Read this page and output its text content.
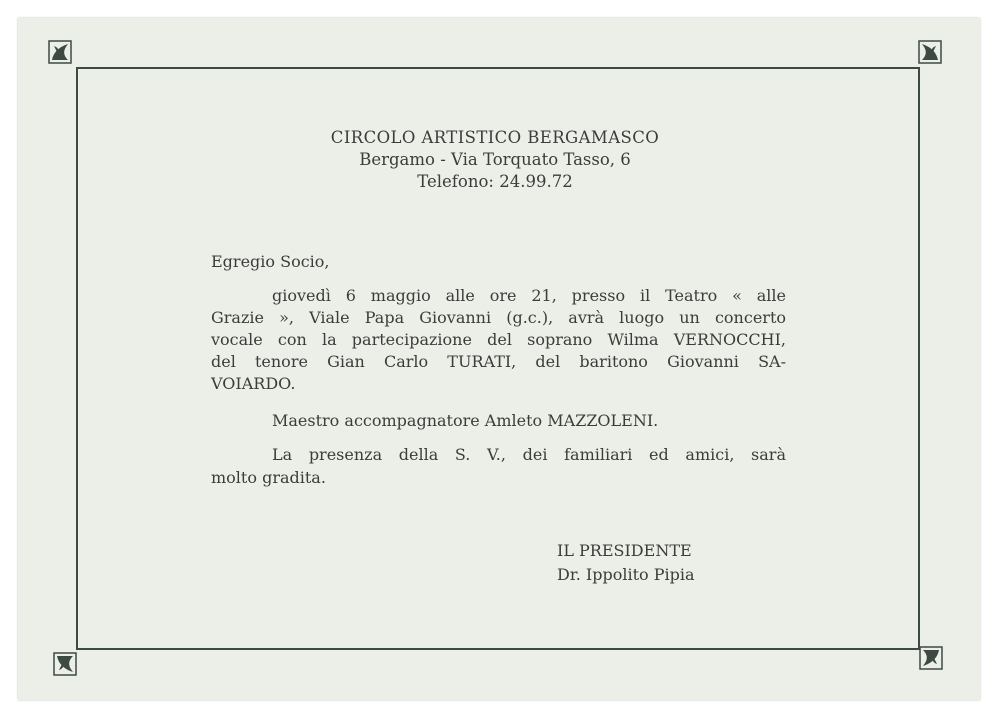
CIRCOLO ARTISTICO BERGAMASCO
Bergamo - Via Torquato Tasso, 6
Telefono: 24.99.72
Egregio Socio,
giovedì 6 maggio alle ore 21, presso il Teatro « alle
Grazie », Viale Papa Giovanni (g.c.), avrà luogo un concerto
vocale con la partecipazione del soprano Wilma VERNOCCHI,
del tenore Gian Carlo TURATI, del baritono Giovanni SA-
VOIARDO.
Maestro accompagnatore Amleto MAZZOLENI.
La presenza della S. V., dei familiari ed amici, sarà
molto gradita.
IL PRESIDENTE
Dr. Ippolito Pipia
